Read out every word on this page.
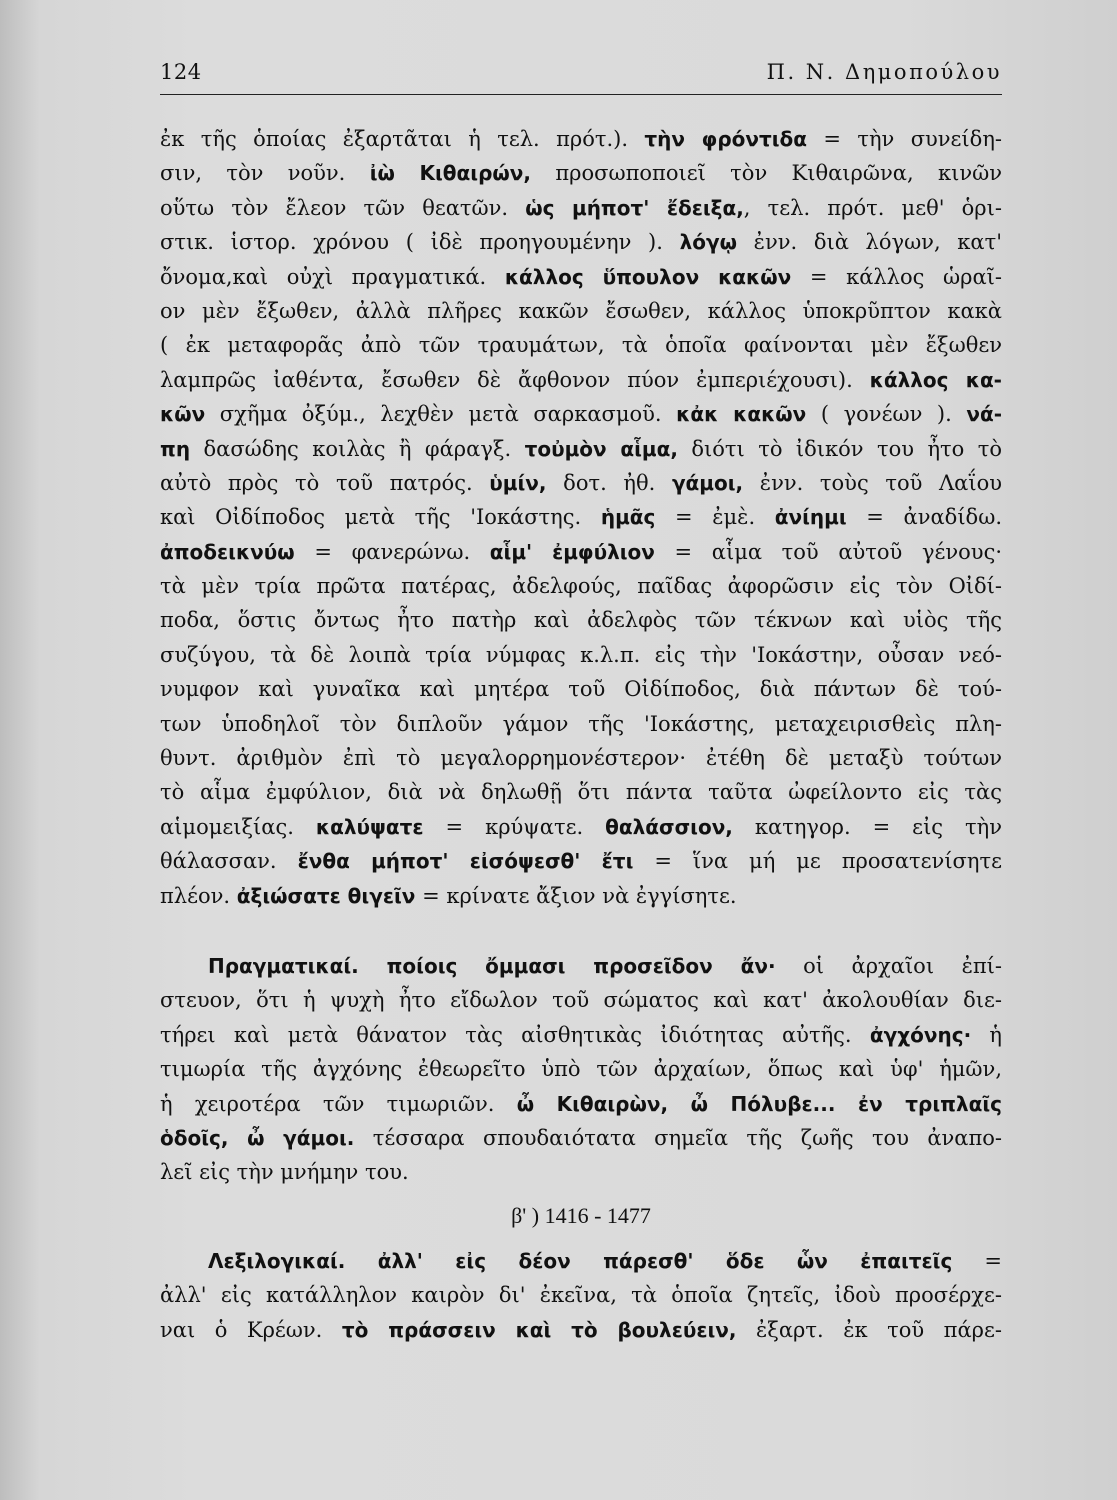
124	Π. Ν. Δημοπούλου
ἐκ τῆς ὁποίας ἐξαρτᾶται ἡ τελ. πρότ.). τὴν φρόντιδα = τὴν συνείδη-
σιν, τὸν νοῦν. ἰὼ Κιθαιρών, προσωποποιεῖ τὸν Κιθαιρῶνα, κινῶν
οὕτω τὸν ἔλεον τῶν θεατῶν. ὡς μήποτ' ἔδειξα,, τελ. πρότ. μεθ' ὁρι-
στικ. ἱστορ. χρόνου ( ἰδὲ προηγουμένην ). λόγῳ ἐνν. διὰ λόγων, κατ'
ὄνομα,καὶ οὐχὶ πραγματικά. κάλλος ὕπουλον κακῶν = κάλλος ὡραῖ-
ον μὲν ἔξωθεν, ἀλλὰ πλῆρες κακῶν ἔσωθεν, κάλλος ὑποκρῦπτον κακὰ
( ἐκ μεταφορᾶς ἀπὸ τῶν τραυμάτων, τὰ ὁποῖα φαίνονται μὲν ἔξωθεν
λαμπρῶς ἰαθέντα, ἔσωθεν δὲ ἄφθονον πύον ἐμπεριέχουσι). κάλλος κα-
κῶν σχῆμα ὀξύμ., λεχθὲν μετὰ σαρκασμοῦ. κἀκ κακῶν ( γονέων ). νά-
πη δασώδης κοιλὰς ἢ φάραγξ. τοὐμὸν αἷμα, διότι τὸ ἰδικόν του ἦτο τὸ
αὐτὸ πρὸς τὸ τοῦ πατρός. ὑμίν, δοτ. ἠθ. γάμοι, ἐνν. τοὺς τοῦ Λαΐου
καὶ Οἰδίποδος μετὰ τῆς 'Ιοκάστης. ἡμᾶς = ἐμὲ. ἀνίημι = ἀναδίδω.
ἀποδεικνύω = φανερώνω. αἷμ' ἐμφύλιον = αἷμα τοῦ αὐτοῦ γένους·
τὰ μὲν τρία πρῶτα πατέρας, ἀδελφούς, παῖδας ἀφορῶσιν εἰς τὸν Οἰδί-
ποδα, ὅστις ὄντως ἦτο πατὴρ καὶ ἀδελφὸς τῶν τέκνων καὶ υἱὸς τῆς
συζύγου, τὰ δὲ λοιπὰ τρία νύμφας κ.λ.π. εἰς τὴν 'Ιοκάστην, οὖσαν νεό-
νυμφον καὶ γυναῖκα καὶ μητέρα τοῦ Οἰδίποδος, διὰ πάντων δὲ τού-
των ὑποδηλοῖ τὸν διπλοῦν γάμον τῆς 'Ιοκάστης, μεταχειρισθεὶς πλη-
θυντ. ἀριθμὸν ἐπὶ τὸ μεγαλορρημονέστερον· ἐτέθη δὲ μεταξὺ τούτων
τὸ αἷμα ἐμφύλιον, διὰ νὰ δηλωθῇ ὅτι πάντα ταῦτα ὠφείλοντο εἰς τὰς
αἱμομειξίας. καλύψατε = κρύψατε. θαλάσσιον, κατηγορ. = εἰς τὴν
θάλασσαν. ἔνθα μήποτ' εἰσόψεσθ' ἔτι = ἵνα μή με προσατενίσητε
πλέον. ἀξιώσατε θιγεῖν = κρίνατε ἄξιον νὰ ἐγγίσητε.
Πραγματικαί. ποίοις ὄμμασι προσεῖδον ἄν· οἱ ἀρχαῖοι ἐπί-
στευον, ὅτι ἡ ψυχὴ ἦτο εἴδωλον τοῦ σώματος καὶ κατ' ἀκολουθίαν διε-
τήρει καὶ μετὰ θάνατον τὰς αἰσθητικὰς ἰδιότητας αὐτῆς. ἀγχόνης· ἡ
τιμωρία τῆς ἀγχόνης ἐθεωρεῖτο ὑπὸ τῶν ἀρχαίων, ὅπως καὶ ὑφ' ἡμῶν,
ἡ χειροτέρα τῶν τιμωριῶν. ὦ Κιθαιρὼν, ὦ Πόλυβε... ἐν τριπλαῖς
ὁδοῖς, ὦ γάμοι. τέσσαρα σπουδαιότατα σημεῖα τῆς ζωῆς του ἀναπο-
λεῖ εἰς τὴν μνήμην του.
β' ) 1416 - 1477
Λεξιλογικαί. ἀλλ' εἰς δέον πάρεσθ' ὅδε ὧν ἐπαιτεῖς =
ἀλλ' εἰς κατάλληλον καιρὸν δι' ἐκεῖνα, τὰ ὁποῖα ζητεῖς, ἰδοὺ προσέρχε-
ναι ὁ Κρέων. τὸ πράσσειν καὶ τὸ βουλεύειν, ἐξαρτ. ἐκ τοῦ πάρε-
